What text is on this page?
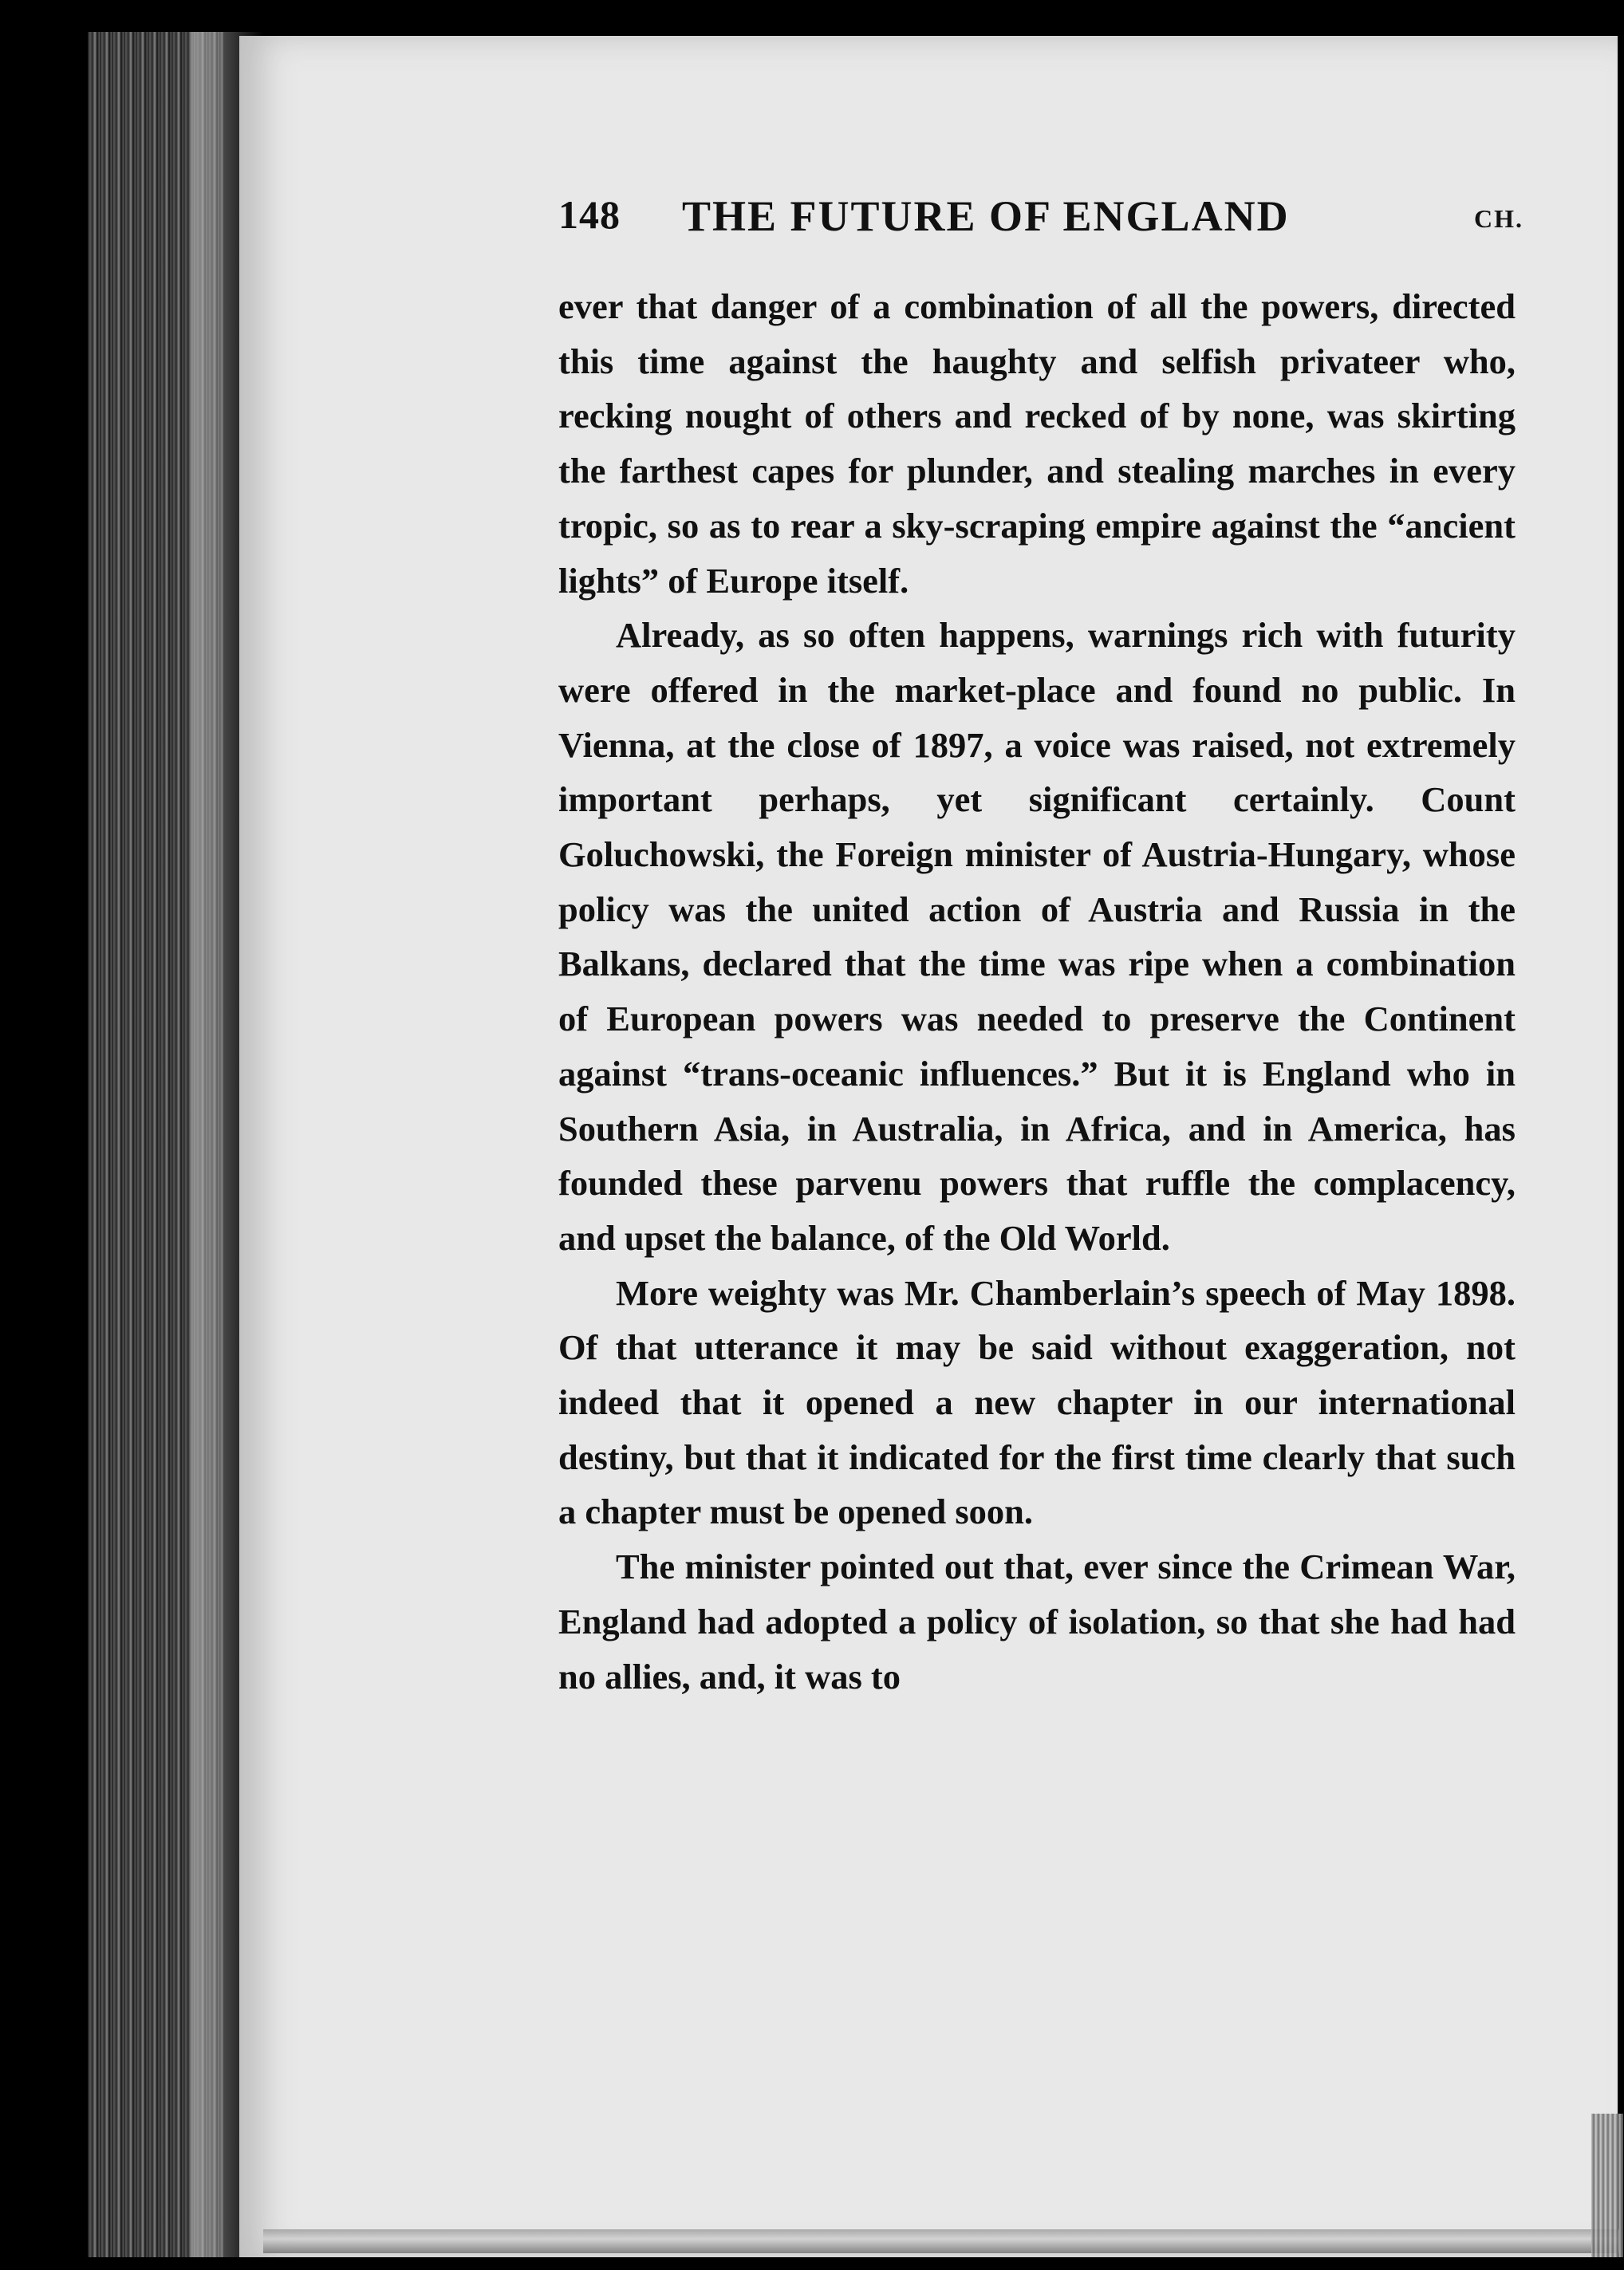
148 THE FUTURE OF ENGLAND	CH.

ever that danger of a combination of all the powers, directed this time against the haughty and selfish privateer who, recking nought of others and recked of by none, was skirting the farthest capes for plunder, and stealing marches in every tropic, so as to rear a sky-scraping empire against the “ancient lights” of Europe itself.

Already, as so often happens, warnings rich with futurity were offered in the market-place and found no public. In Vienna, at the close of 1897, a voice was raised, not extremely important perhaps, yet significant certainly. Count Goluchowski, the Foreign minister of Austria-Hungary, whose policy was the united action of Austria and Russia in the Balkans, declared that the time was ripe when a combination of European powers was needed to preserve the Continent against “trans-oceanic influences.” But it is England who in Southern Asia, in Australia, in Africa, and in America, has founded these parvenu powers that ruffle the complacency, and upset the balance, of the Old World.

More weighty was Mr. Chamberlain’s speech of May 1898. Of that utterance it may be said without exaggeration, not indeed that it opened a new chapter in our international destiny, but that it indicated for the first time clearly that such a chapter must be opened soon.

The minister pointed out that, ever since the Crimean War, England had adopted a policy of isolation, so that she had had no allies, and, it was to
